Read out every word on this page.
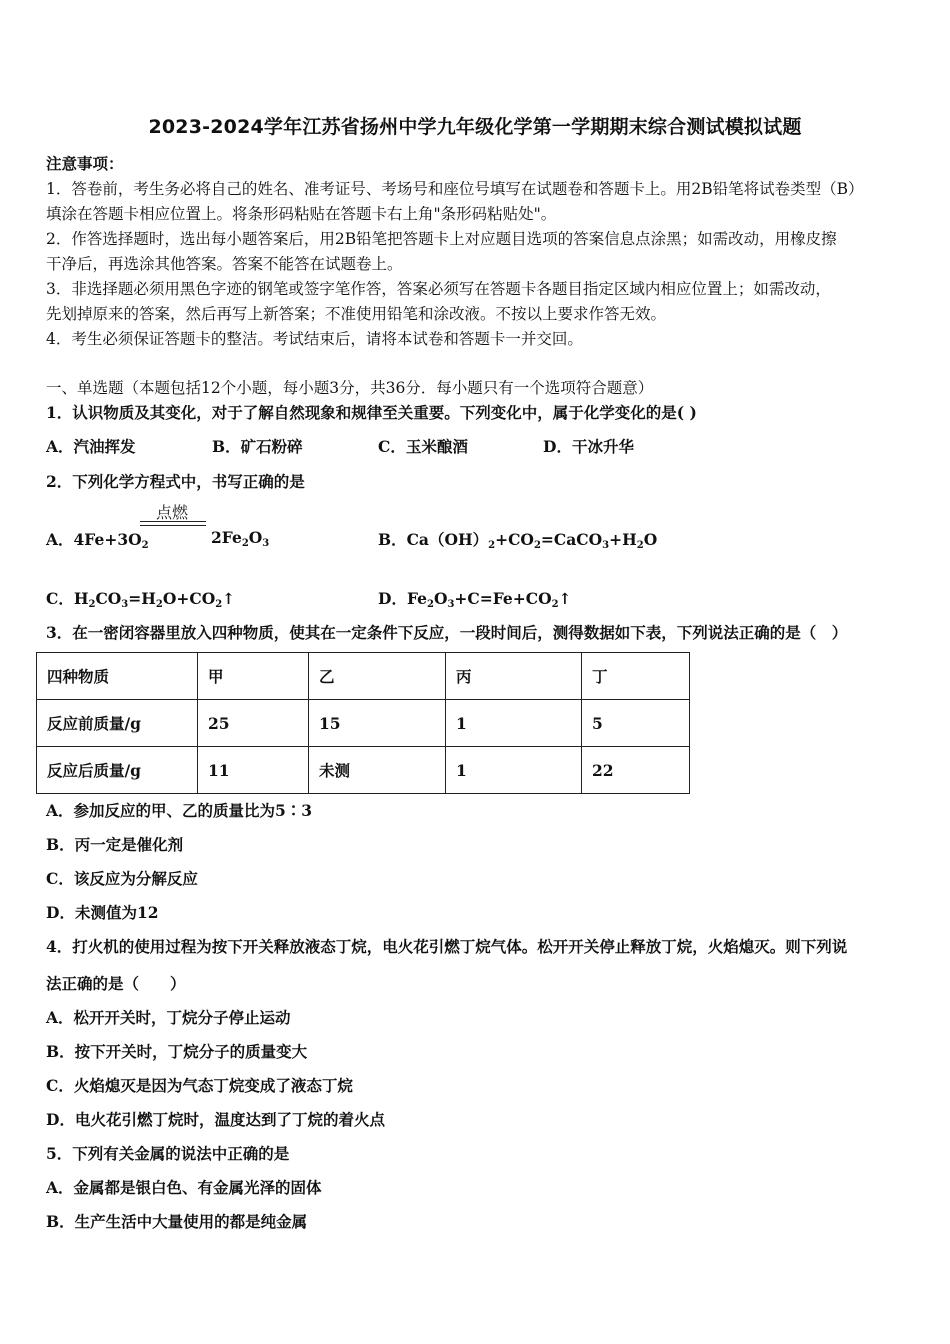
2023-2024学年江苏省扬州中学九年级化学第一学期期末综合测试模拟试题
注意事项：
1．答卷前，考生务必将自己的姓名、准考证号、考场号和座位号填写在试题卷和答题卡上。用2B铅笔将试卷类型（B）
填涂在答题卡相应位置上。将条形码粘贴在答题卡右上角"条形码粘贴处"。
2．作答选择题时，选出每小题答案后，用2B铅笔把答题卡上对应题目选项的答案信息点涂黑；如需改动，用橡皮擦
干净后，再选涂其他答案。答案不能答在试题卷上。
3．非选择题必须用黑色字迹的钢笔或签字笔作答，答案必须写在答题卡各题目指定区域内相应位置上；如需改动，
先划掉原来的答案，然后再写上新答案；不准使用铅笔和涂改液。不按以上要求作答无效。
4．考生必须保证答题卡的整洁。考试结束后，请将本试卷和答题卡一并交回。
一、单选题（本题包括12个小题，每小题3分，共36分．每小题只有一个选项符合题意）
1．认识物质及其变化，对于了解自然现象和规律至关重要。下列变化中，属于化学变化的是( )
A．汽油挥发	B．矿石粉碎	C．玉米酿酒	D．干冰升华
2．下列化学方程式中，书写正确的是
A．$4Fe+3O_2$
点燃
$2Fe_2O_3$	B．$Ca(OH)_2+CO_2=CaCO_3+H_2O$
C．$H_2CO_3=H_2O+CO_2↑$	D．$Fe_2O_3+C=Fe+CO_2↑$
3．在一密闭容器里放入四种物质，使其在一定条件下反应，一段时间后，测得数据如下表，下列说法正确的是（　）
四种物质	甲	乙	丙	丁
反应前质量/g	25	15	1	5
反应后质量/g	11	未测	1	22
A．参加反应的甲、乙的质量比为5∶3
B．丙一定是催化剂
C．该反应为分解反应
D．未测值为12
4．打火机的使用过程为按下开关释放液态丁烷，电火花引燃丁烷气体。松开开关停止释放丁烷，火焰熄灭。则下列说
法正确的是（　　）
A．松开开关时，丁烷分子停止运动
B．按下开关时，丁烷分子的质量变大
C．火焰熄灭是因为气态丁烷变成了液态丁烷
D．电火花引燃丁烷时，温度达到了丁烷的着火点
5．下列有关金属的说法中正确的是
A．金属都是银白色、有金属光泽的固体
B．生产生活中大量使用的都是纯金属
